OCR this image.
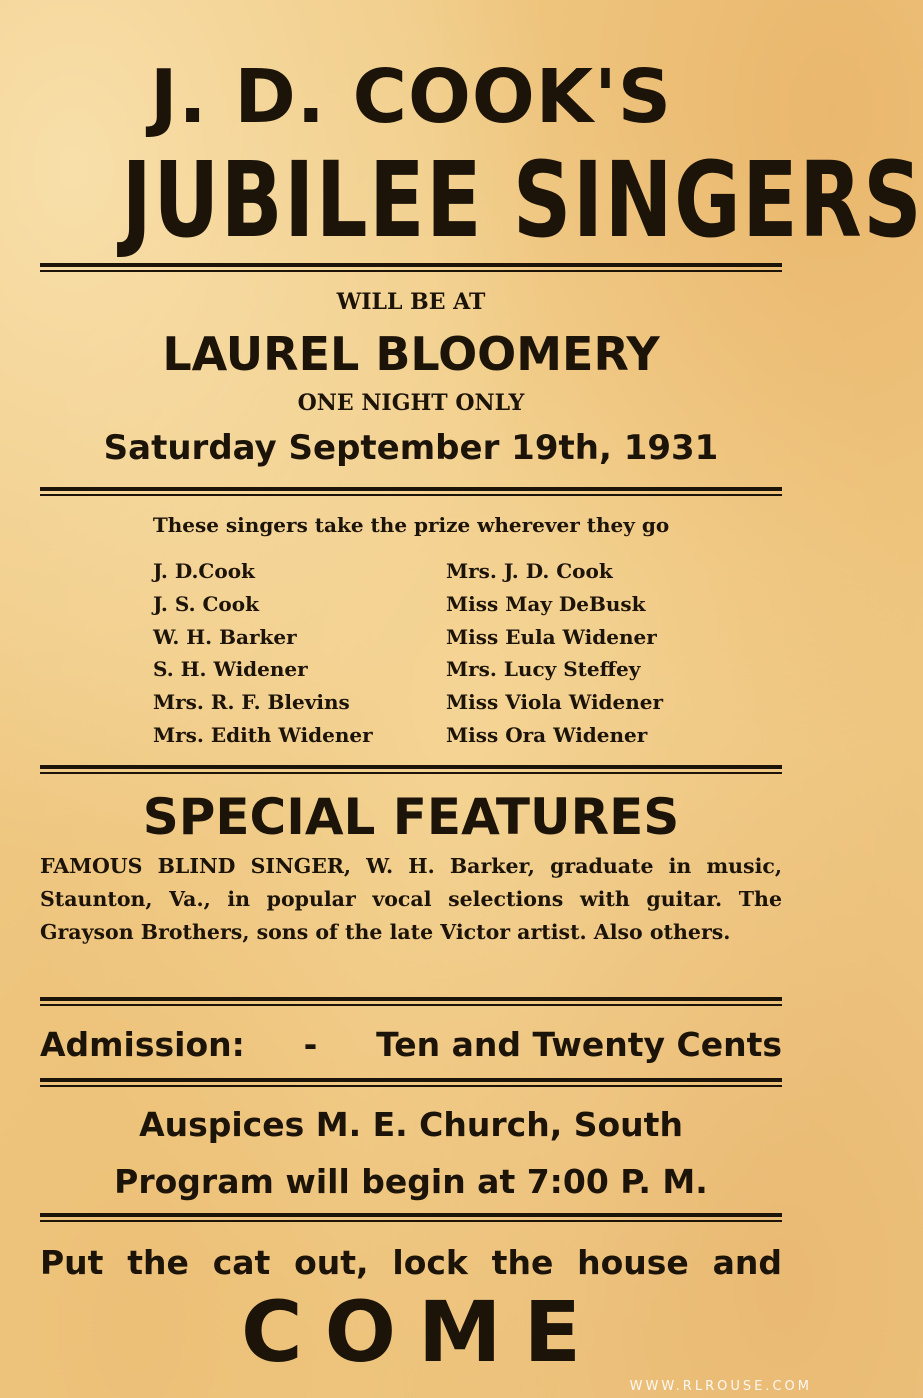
J. D. COOK'S
JUBILEE SINGERS
WILL BE AT
LAUREL BLOOMERY
ONE NIGHT ONLY
Saturday September 19th, 1931
These singers take the prize wherever they go
J. D.Cook
J. S. Cook
W. H. Barker
S. H. Widener
Mrs. R. F. Blevins
Mrs. Edith Widener
Mrs. J. D. Cook
Miss May DeBusk
Miss Eula Widener
Mrs. Lucy Steffey
Miss Viola Widener
Miss Ora Widener
SPECIAL FEATURES

FAMOUS BLIND SINGER, W. H. Barker, graduate in music, Staunton, Va., in popular vocal selections with guitar. The Grayson Brothers, sons of the late Victor artist. Also others.

Admission: - Ten and Twenty Cents
Auspices M. E. Church, South
Program will begin at 7:00 P. M.

Put the cat out, lock the house and

COME
WWW.RLROUSE.COM
